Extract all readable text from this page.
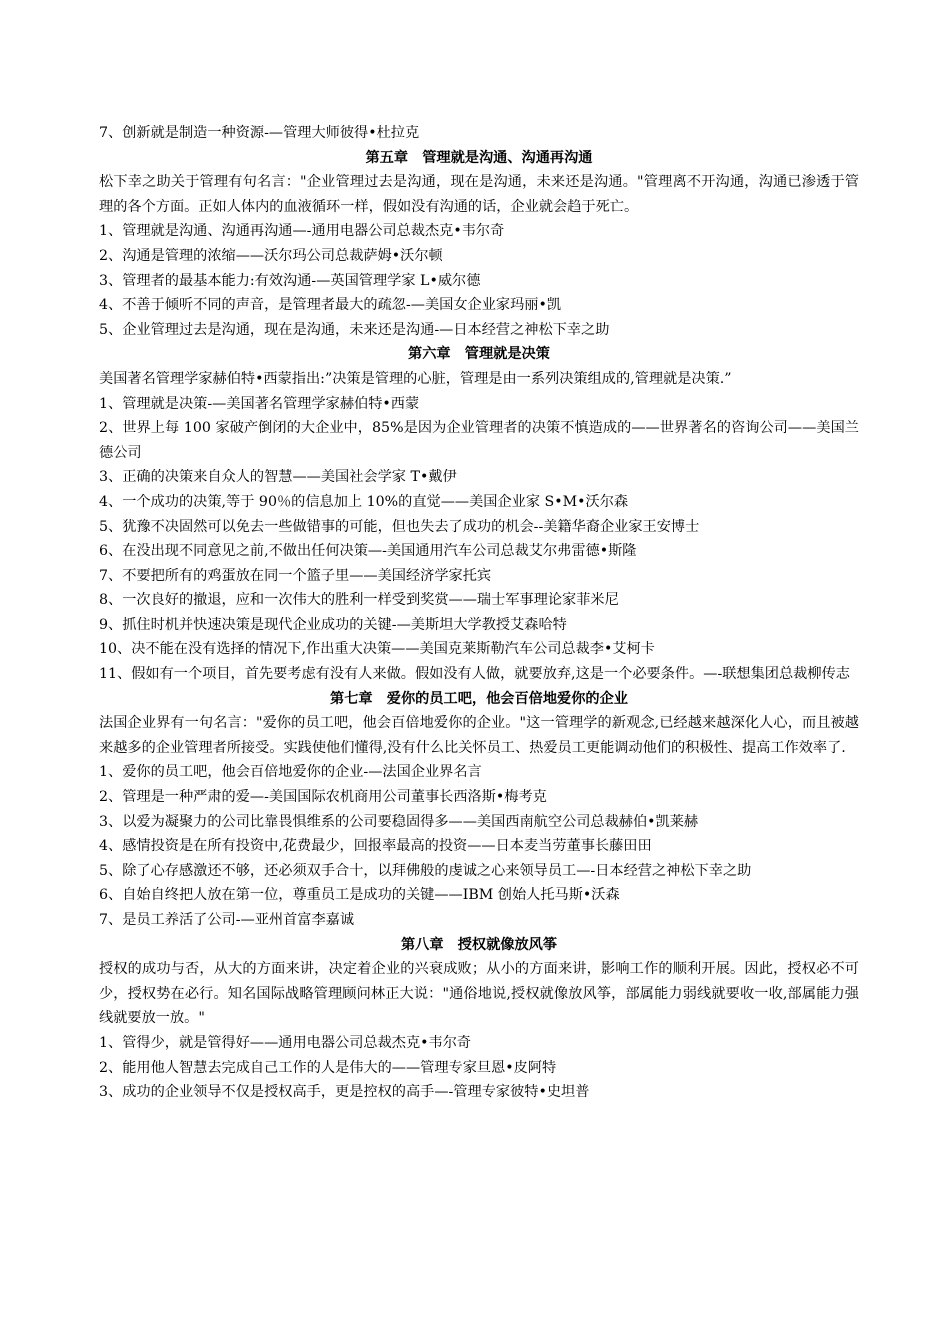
7、创新就是制造一种资源-—管理大师彼得•杜拉克
第五章　管理就是沟通、沟通再沟通
松下幸之助关于管理有句名言："企业管理过去是沟通，现在是沟通，未来还是沟通。"管理离不开沟通，沟通已渗透于管理的各个方面。正如人体内的血液循环一样，假如没有沟通的话，企业就会趋于死亡。
1、管理就是沟通、沟通再沟通—-通用电器公司总裁杰克•韦尔奇
2、沟通是管理的浓缩——沃尔玛公司总裁萨姆•沃尔顿
3、管理者的最基本能力:有效沟通-—英国管理学家 L•威尔德
4、不善于倾听不同的声音，是管理者最大的疏忽-—美国女企业家玛丽•凯
5、企业管理过去是沟通，现在是沟通，未来还是沟通-—日本经营之神松下幸之助
第六章　管理就是决策
美国著名管理学家赫伯特•西蒙指出:”决策是管理的心脏，管理是由一系列决策组成的,管理就是决策.”
1、管理就是决策-—美国著名管理学家赫伯特•西蒙
2、世界上每 100 家破产倒闭的大企业中，85%是因为企业管理者的决策不慎造成的——世界著名的咨询公司——美国兰德公司
3、正确的决策来自众人的智慧——美国社会学家 T•戴伊
4、一个成功的决策,等于 90％的信息加上 10%的直觉——美国企业家 S•M•沃尔森
5、犹豫不决固然可以免去一些做错事的可能，但也失去了成功的机会--美籍华裔企业家王安博士
6、在没出现不同意见之前,不做出任何决策—-美国通用汽车公司总裁艾尔弗雷德•斯隆
7、不要把所有的鸡蛋放在同一个篮子里——美国经济学家托宾
8、一次良好的撤退，应和一次伟大的胜利一样受到奖赏——瑞士军事理论家菲米尼
9、抓住时机并快速决策是现代企业成功的关键-—美斯坦大学教授艾森哈特
10、决不能在没有选择的情况下,作出重大决策——美国克莱斯勒汽车公司总裁李•艾柯卡
11、假如有一个项目，首先要考虑有没有人来做。假如没有人做，就要放弃,这是一个必要条件。—-联想集团总裁柳传志
第七章　爱你的员工吧，他会百倍地爱你的企业
法国企业界有一句名言："爱你的员工吧，他会百倍地爱你的企业。"这一管理学的新观念,已经越来越深化人心，而且被越来越多的企业管理者所接受。实践使他们懂得,没有什么比关怀员工、热爱员工更能调动他们的积极性、提高工作效率了.
1、爱你的员工吧，他会百倍地爱你的企业-—法国企业界名言
2、管理是一种严肃的爱—-美国国际农机商用公司董事长西洛斯•梅考克
3、以爱为凝聚力的公司比靠畏惧维系的公司要稳固得多——美国西南航空公司总裁赫伯•凯莱赫
4、感情投资是在所有投资中,花费最少，回报率最高的投资——日本麦当劳董事长藤田田
5、除了心存感激还不够，还必须双手合十，以拜佛般的虔诚之心来领导员工—-日本经营之神松下幸之助
6、自始自终把人放在第一位，尊重员工是成功的关键——IBM 创始人托马斯•沃森
7、是员工养活了公司-—亚州首富李嘉诚
第八章　授权就像放风筝
授权的成功与否，从大的方面来讲，决定着企业的兴衰成败；从小的方面来讲，影响工作的顺利开展。因此，授权必不可少，授权势在必行。知名国际战略管理顾问林正大说："通俗地说,授权就像放风筝，部属能力弱线就要收一收,部属能力强线就要放一放。"
1、管得少，就是管得好——通用电器公司总裁杰克•韦尔奇
2、能用他人智慧去完成自己工作的人是伟大的——管理专家旦恩•皮阿特
3、成功的企业领导不仅是授权高手，更是控权的高手—-管理专家彼特•史坦普
